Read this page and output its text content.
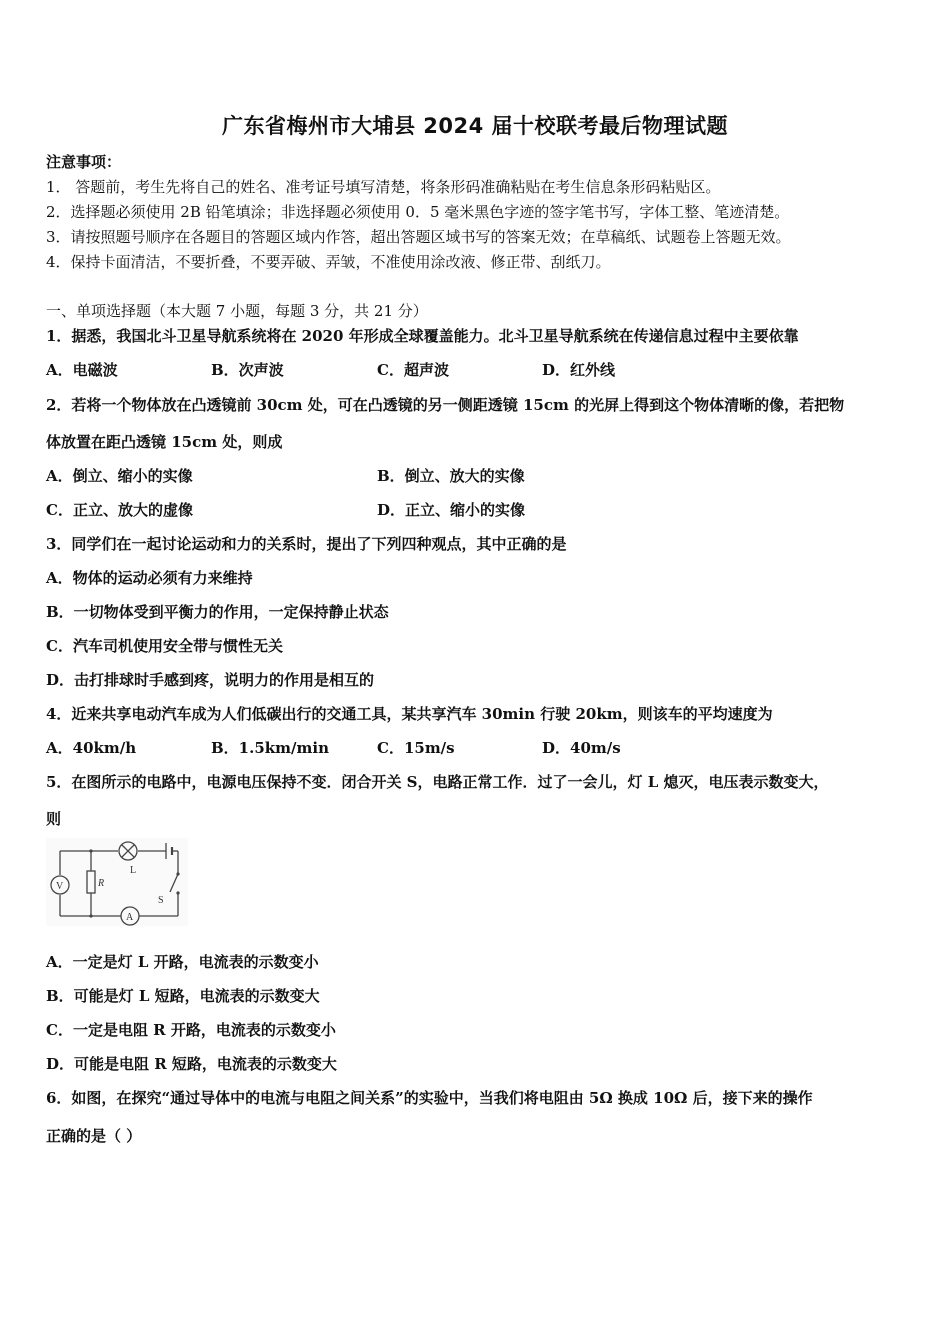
广东省梅州市大埔县 2024 届十校联考最后物理试题
注意事项：
1． 答题前，考生先将自己的姓名、准考证号填写清楚，将条形码准确粘贴在考生信息条形码粘贴区。
2．选择题必须使用 2B 铅笔填涂；非选择题必须使用 0．5 毫米黑色字迹的签字笔书写，字体工整、笔迹清楚。
3．请按照题号顺序在各题目的答题区域内作答，超出答题区域书写的答案无效；在草稿纸、试题卷上答题无效。
4．保持卡面清洁，不要折叠，不要弄破、弄皱，不准使用涂改液、修正带、刮纸刀。
一、单项选择题（本大题 7 小题，每题 3 分，共 21 分）
1．据悉，我国北斗卫星导航系统将在 2020 年形成全球覆盖能力。北斗卫星导航系统在传递信息过程中主要依靠
A．电磁波	B．次声波	C．超声波	D．红外线
2．若将一个物体放在凸透镜前 30cm 处，可在凸透镜的另一侧距透镜 15cm 的光屏上得到这个物体清晰的像，若把物
体放置在距凸透镜 15cm 处，则成
A．倒立、缩小的实像	B．倒立、放大的实像
C．正立、放大的虚像	D．正立、缩小的实像
3．同学们在一起讨论运动和力的关系时，提出了下列四种观点，其中正确的是
A．物体的运动必须有力来维持
B．一切物体受到平衡力的作用，一定保持静止状态
C．汽车司机使用安全带与惯性无关
D．击打排球时手感到疼，说明力的作用是相互的
4．近来共享电动汽车成为人们低碳出行的交通工具，某共享汽车 30min 行驶 20km，则该车的平均速度为
A．40km/h	B．1.5km/min	C．15m/s	D．40m/s
5．在图所示的电路中，电源电压保持不变．闭合开关 S，电路正常工作．过了一会儿，灯 L 熄灭，电压表示数变大，
则
V	R
L
A
S
A．一定是灯 L 开路，电流表的示数变小
B．可能是灯 L 短路，电流表的示数变大
C．一定是电阻 R 开路，电流表的示数变小
D．可能是电阻 R 短路，电流表的示数变大
6．如图，在探究“通过导体中的电流与电阻之间关系”的实验中，当我们将电阻由 5Ω 换成 10Ω 后，接下来的操作
正确的是（ ）
